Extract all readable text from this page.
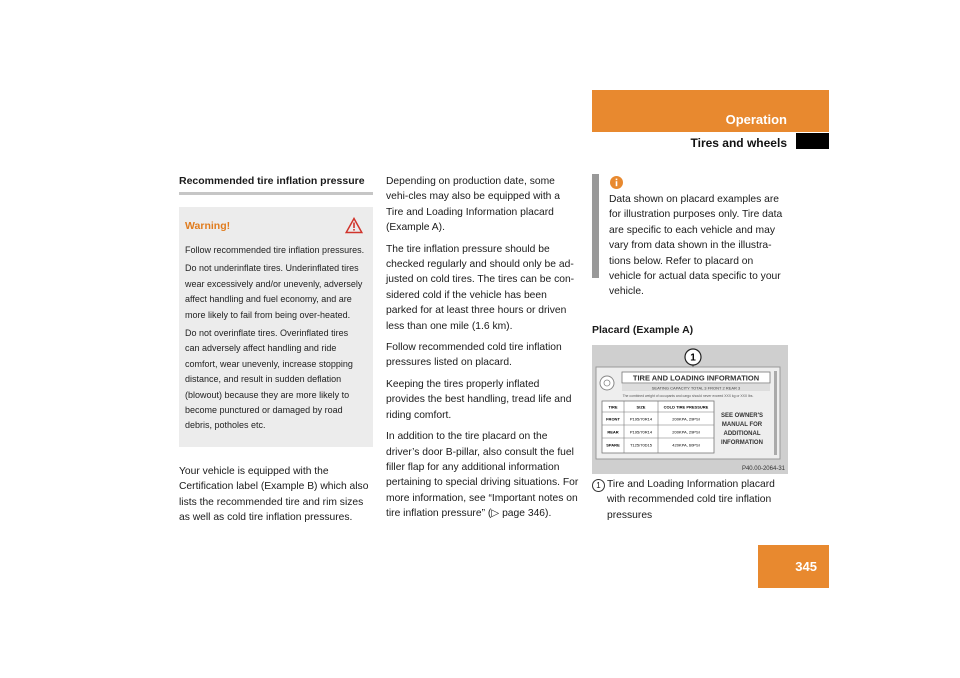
Operation
Tires and wheels
Recommended tire inflation pressure
Warning!

Follow recommended tire inflation pressures.

Do not underinflate tires. Underinflated tires wear excessively and/or unevenly, adversely affect handling and fuel economy, and are more likely to fail from being over-heated.

Do not overinflate tires. Overinflated tires can adversely affect handling and ride comfort, wear unevenly, increase stopping distance, and result in sudden deflation (blowout) because they are more likely to become punctured or damaged by road debris, potholes etc.

Your vehicle is equipped with the Certification label (Example B) which also lists the recommended tire and rim sizes as well as cold tire inflation pressures.

Depending on production date, some vehi-cles may also be equipped with a Tire and Loading Information placard (Example A).

The tire inflation pressure should be checked regularly and should only be ad-justed on cold tires. The tires can be con-sidered cold if the vehicle has been parked for at least three hours or driven less than one mile (1.6 km).

Follow recommended cold tire inflation pressures listed on placard.

Keeping the tires properly inflated provides the best handling, tread life and riding comfort.

In addition to the tire placard on the driver’s door B-pillar, also consult the fuel filler flap for any additional information pertaining to special driving situations. For more information, see “Important notes on tire inflation pressure” (▷ page 346).

Data shown on placard examples are for illustration purposes only. Tire data are specific to each vehicle and may vary from data shown in the illustra-tions below. Refer to placard on vehicle for actual data specific to your vehicle.

Placard (Example A)
1
TIRE AND LOADING INFORMATION
SEATING CAPACITY TOTAL 3 FRONT 2 REAR 3
The combined weight of occupants and cargo should never exceed XXX kg or XXX lbs.
TIRE	SIZE	COLD TIRE PRESSURE
FRONT P195/70R14	200KPA, 29PSI
REAR	P195/70R14	200KPA, 29PSI
SPARE	T125/70D15	420KPA, 60PSI
SEE OWNER'S
MANUAL FOR
ADDITIONAL
INFORMATION
P40.00-2064-31
1 Tire and Loading Information placard with recommended cold tire inflation pressures
345
